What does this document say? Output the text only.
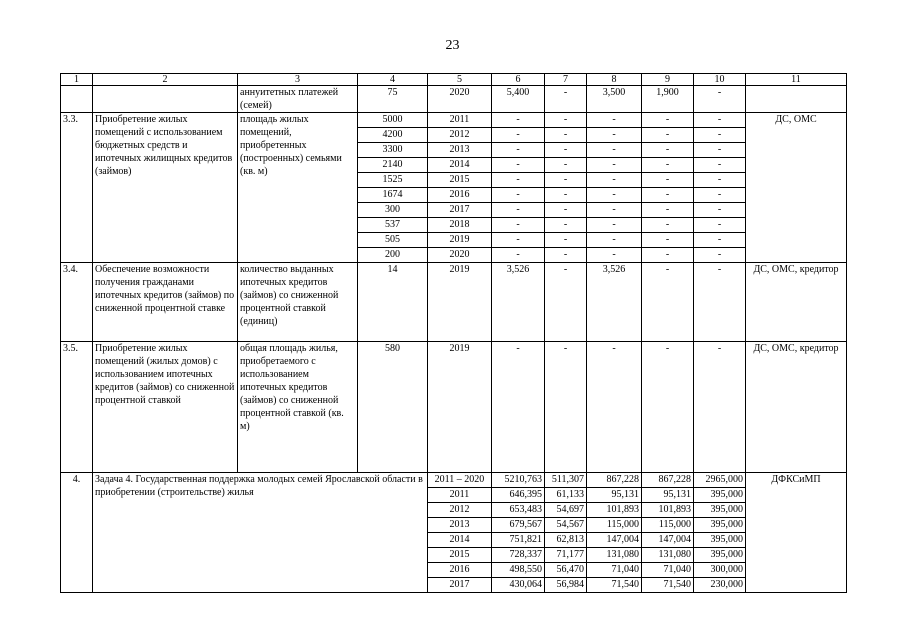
23
1	2	3	4	5	6	7	8	9	10	11
		аннуитетных платежей (семей)	75	2020	5,400	-	3,500	1,900	-	
3.3.	Приобретение жилых помещений с использованием бюджетных средств и ипотечных жилищных кредитов (займов)	площадь жилых помещений, приобретенных (построенных) семьями (кв. м)	5000	2011	-	-	-	-	-	ДС, ОМС
			4200	2012	-	-	-	-	-	
			3300	2013	-	-	-	-	-	
			2140	2014	-	-	-	-	-	
			1525	2015	-	-	-	-	-	
			1674	2016	-	-	-	-	-	
			300	2017	-	-	-	-	-	
			537	2018	-	-	-	-	-	
			505	2019	-	-	-	-	-	
			200	2020	-	-	-	-	-	
3.4.	Обеспечение возможности получения гражданами ипотечных кредитов (займов) по сниженной процентной ставке	количество выданных ипотечных кредитов (займов) со сниженной процентной ставкой (единиц)	14	2019	3,526	-	3,526	-	-	ДС, ОМС, кредитор
3.5.	Приобретение жилых помещений (жилых домов) с использованием ипотечных кредитов (займов) со сниженной процентной ставкой	общая площадь жилья, приобретаемого с использованием ипотечных кредитов (займов) со сниженной процентной ставкой (кв. м)	580	2019	-	-	-	-	-	ДС, ОМС, кредитор
4.	Задача 4. Государственная поддержка молодых семей Ярославской области в приобретении (строительстве) жилья			2011 – 2020	5210,763	511,307	867,228	867,228	2965,000	ДФКСиМП
				2011	646,395	61,133	95,131	95,131	395,000	
				2012	653,483	54,697	101,893	101,893	395,000	
				2013	679,567	54,567	115,000	115,000	395,000	
				2014	751,821	62,813	147,004	147,004	395,000	
				2015	728,337	71,177	131,080	131,080	395,000	
				2016	498,550	56,470	71,040	71,040	300,000	
				2017	430,064	56,984	71,540	71,540	230,000	
